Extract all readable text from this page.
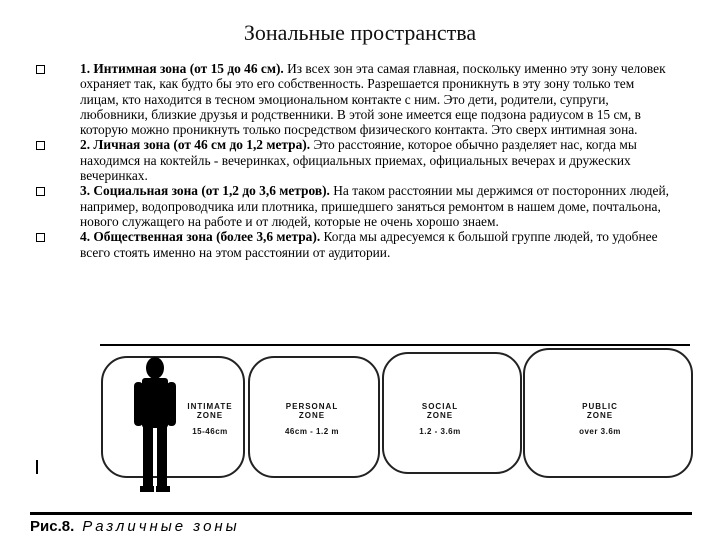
Зональные пространства
1. Интимная зона (от 15 до 46 см). Из всех зон эта самая главная, поскольку именно эту зону человек охраняет так, как будто бы это его собственность. Разрешается проникнуть в эту зону только тем лицам, кто находится в тесном эмоциональном контакте с ним. Это дети, родители, супруги, любовники, близкие друзья и родственники. В этой зоне имеется еще подзона радиусом в 15 см, в которую можно проникнуть только посредством физического контакта. Это сверх интимная зона.
2. Личная зона (от 46 см до 1,2 метра). Это расстояние, которое обычно разделяет нас, когда мы находимся на коктейль - вечеринках, официальных приемах, официальных вечерах и дружеских вечеринках.
3. Социальная зона (от 1,2 до 3,6 метров). На таком расстоянии мы держимся от посторонних людей, например, водопроводчика или плотника, пришедшего заняться ремонтом в нашем доме, почтальона, нового служащего на работе и от людей, которые не очень хорошо знаем.
4. Общественная зона (более 3,6 метра). Когда мы адресуемся к большой группе людей, то удобнее всего стоять именно на этом расстоянии от аудитории.
INTIMATE
ZONE
15-46cm
PERSONAL
ZONE
46cm - 1.2 m
SOCIAL
ZONE
1.2 - 3.6m
PUBLIC
ZONE
over 3.6m
Рис.8. Различные зоны
